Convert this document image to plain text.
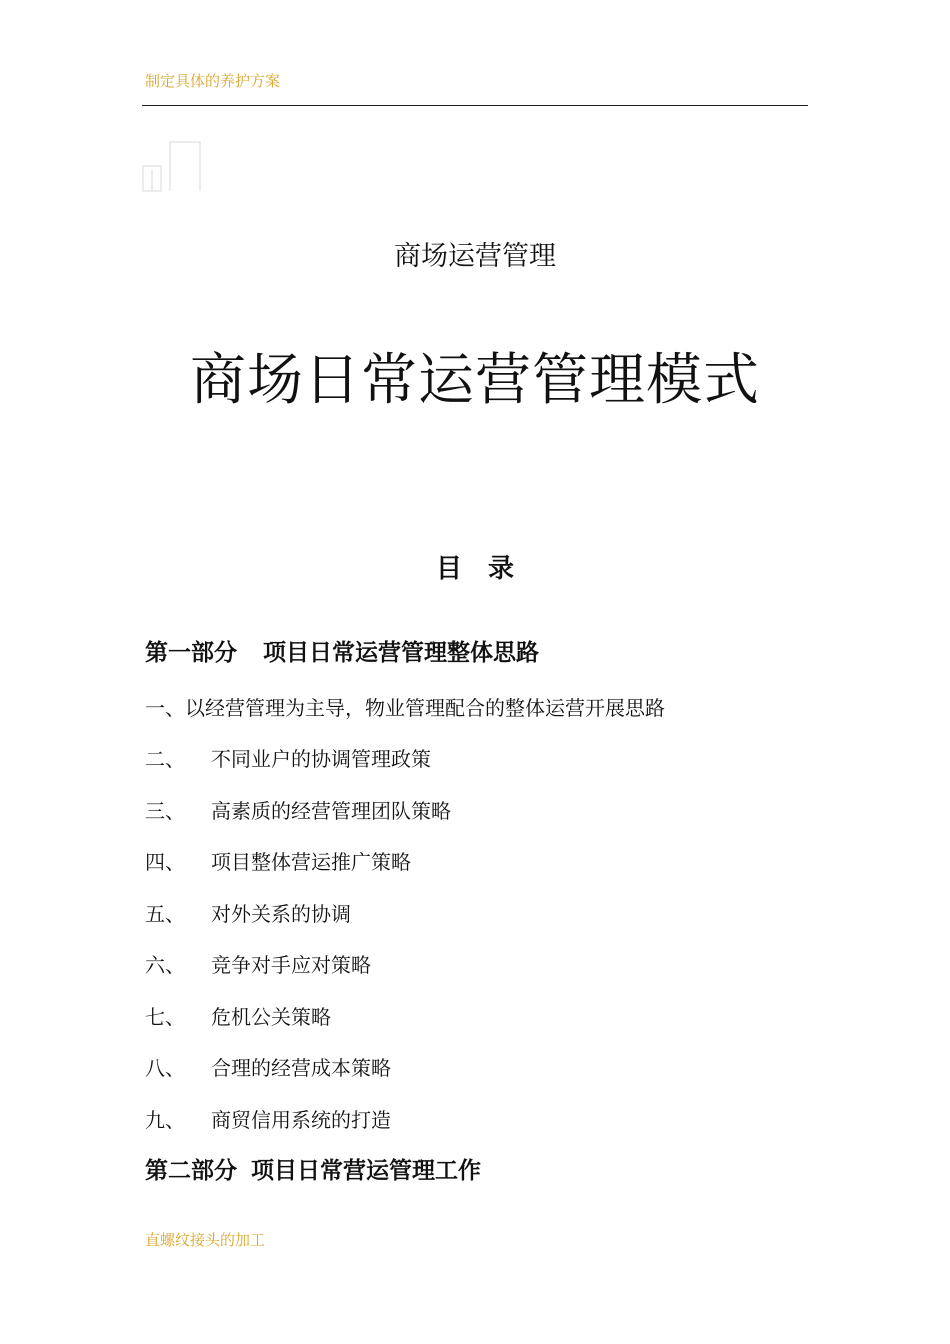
制定具体的养护方案
商场运营管理
商场日常运营管理模式
目录
第一部分 项目日常运营管理整体思路
一、以经营管理为主导，物业管理配合的整体运营开展思路
二、 不同业户的协调管理政策
三、 高素质的经营管理团队策略
四、 项目整体营运推广策略
五、 对外关系的协调
六、 竞争对手应对策略
七、 危机公关策略
八、 合理的经营成本策略
九、 商贸信用系统的打造
第二部分 项目日常营运管理工作
直螺纹接头的加工
